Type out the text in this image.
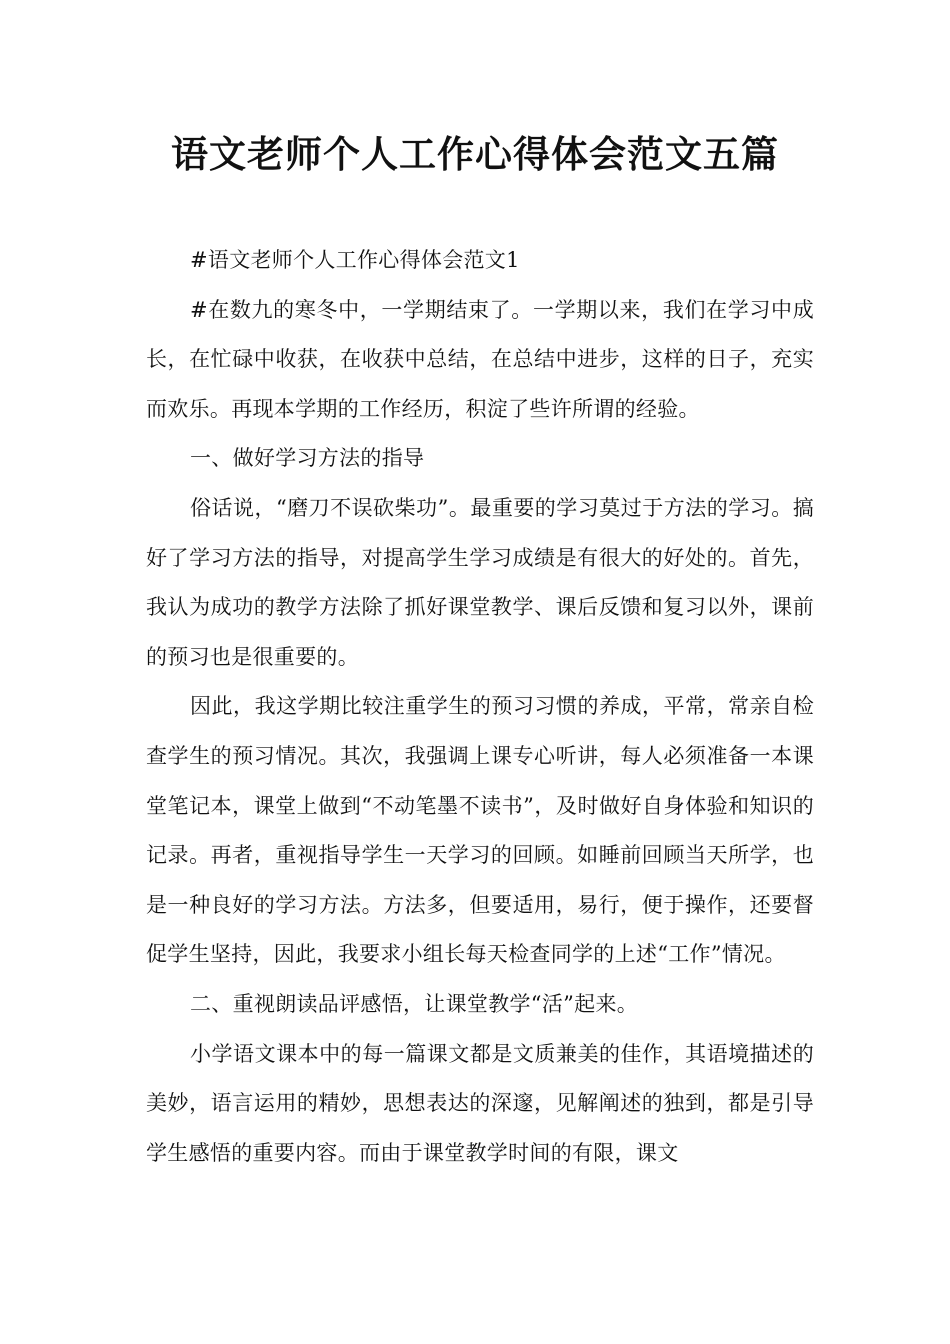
语文老师个人工作心得体会范文五篇

#语文老师个人工作心得体会范文1

#在数九的寒冬中，一学期结束了。一学期以来，我们在学习中成长，在忙碌中收获，在收获中总结，在总结中进步，这样的日子，充实而欢乐。再现本学期的工作经历，积淀了些许所谓的经验。

一、做好学习方法的指导

俗话说，“磨刀不误砍柴功”。最重要的学习莫过于方法的学习。搞好了学习方法的指导，对提高学生学习成绩是有很大的好处的。首先，我认为成功的教学方法除了抓好课堂教学、课后反馈和复习以外，课前的预习也是很重要的。

因此，我这学期比较注重学生的预习习惯的养成，平常，常亲自检查学生的预习情况。其次，我强调上课专心听讲，每人必须准备一本课堂笔记本，课堂上做到“不动笔墨不读书”，及时做好自身体验和知识的记录。再者，重视指导学生一天学习的回顾。如睡前回顾当天所学，也是一种良好的学习方法。方法多，但要适用，易行，便于操作，还要督促学生坚持，因此，我要求小组长每天检查同学的上述“工作”情况。

二、重视朗读品评感悟，让课堂教学“活”起来。

小学语文课本中的每一篇课文都是文质兼美的佳作，其语境描述的美妙，语言运用的精妙，思想表达的深邃，见解阐述的独到，都是引导学生感悟的重要内容。而由于课堂教学时间的有限，课文
